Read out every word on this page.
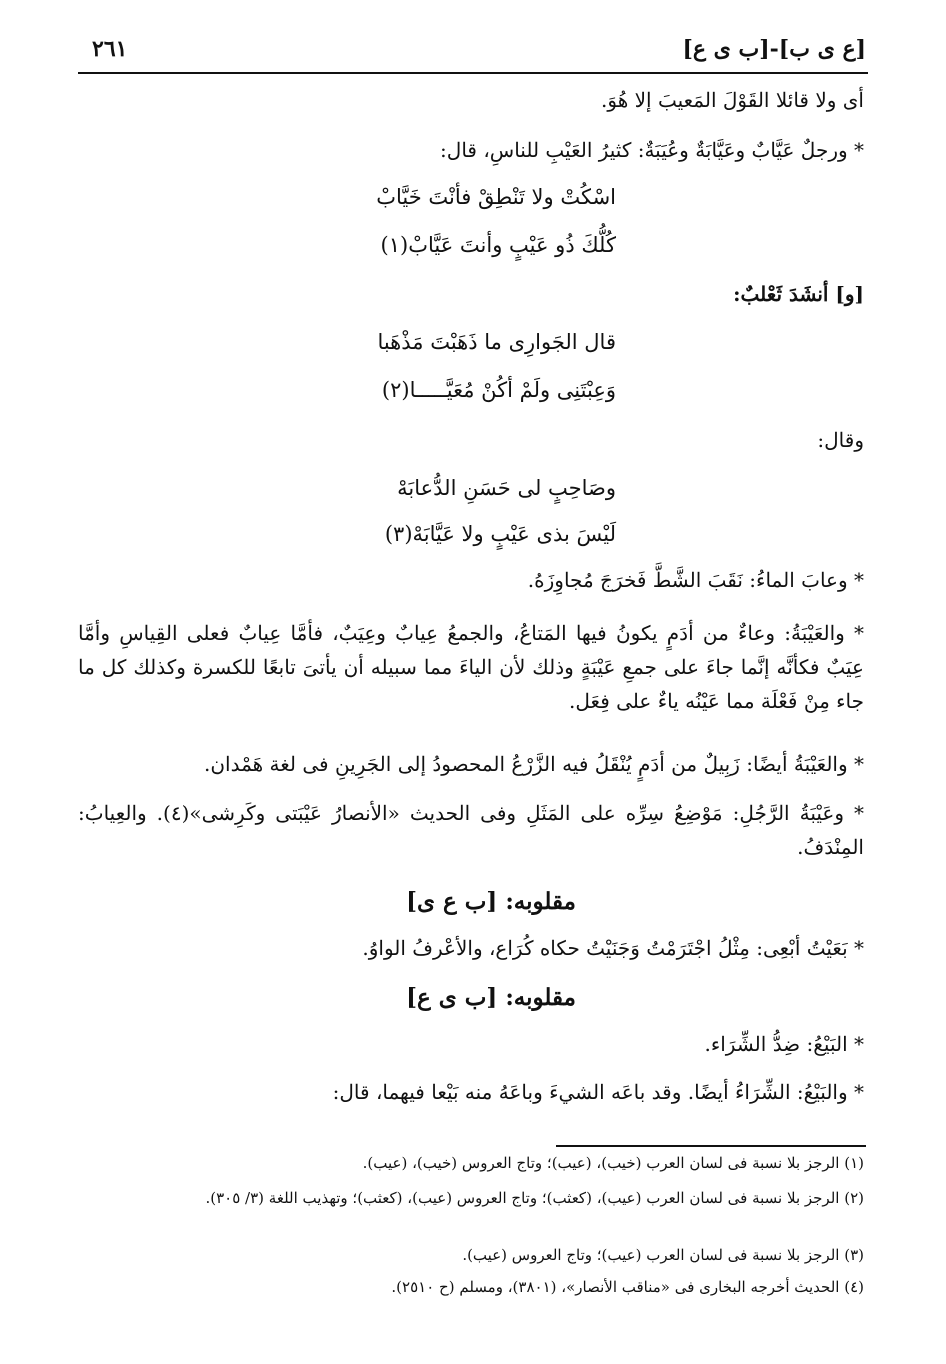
[ع ى ب]-[ب ى ع]
٢٦١
أى ولا قائلا القَوْلَ المَعيبَ إلا هُوَ.
* ورجلٌ عَيَّابٌ وعَيَّابَةٌ وعُيَبَةٌ: كثيرُ العَيْبِ للناسِ، قال:
اسْكُتْ ولا تَنْطِقْ فأنْتَ خَيَّابْ
كُلُّكَ ذُو عَيْبٍ وأنتَ عَيَّابْ(١)
[و] أنشَدَ ثَعْلبٌ:
قال الجَوارِى ما ذَهَبْتَ مَذْهَبا
وَعِبْتَنِى ولَمْ أكُنْ مُعَيَّـــــا(٢)
وقال:
وصَاحِبٍ لى حَسَنِ الدُّعابَهْ
لَيْسَ بذى عَيْبٍ ولا عَيَّابَهْ(٣)
* وعابَ الماءُ: نَقَبَ الشَّطَّ فَخرَجَ مُجاوِزَهُ.
* والعَيْبَةُ: وعاءٌ من أدَمٍ يكونُ فيها المَتاعُ، والجمعُ عِيابٌ وعِيَبٌ، فأمَّا عِيابٌ فعلى القِياسِ وأمَّا عِيَبٌ فكأنَّه إنَّما جاءَ على جمعِ عَيْبَةٍ وذلك لأن الياءَ مما سبيله أن يأتىَ تابعًا للكسرة وكذلك كل ما جاء مِنْ فَعْلَة مما عَيْنُه ياءٌ على فِعَل.
* والعَيْبَةُ أيضًا: زَبِيلٌ من أدَمٍ يُنْقَلُ فيه الزَّرْعُ المحصودُ إلى الجَرِينِ فى لغة هَمْدان.
* وعَيْبَةُ الرَّجُلِ: مَوْضِعُ سِرِّه على المَثَلِ وفى الحديث «الأنصارُ عَيْبَتى وكَرِشى»(٤). والعِيابُ: المِنْدَفُ.
مقلوبه: [ب ع ى]
* بَعَيْتُ أبْعِى: مِثْلُ اجْتَرَمْتُ وَجَنَيْتُ حكاه كُرَاع، والأعْرفُ الواوُ.
مقلوبه: [ب ى ع]
* البَيْعُ: ضِدُّ الشِّرَاء.
* والبَيْعُ: الشِّرَاءُ أيضًا. وقد باعَه الشيءَ وباعَهُ منه بَيْعا فيهما، قال:
(١) الرجز بلا نسبة فى لسان العرب (خيب)، (عيب)؛ وتاج العروس (خيب)، (عيب).
(٢) الرجز بلا نسبة فى لسان العرب (عيب)، (كعثب)؛ وتاج العروس (عيب)، (كعثب)؛ وتهذيب اللغة (٣/ ٣٠٥).
(٣) الرجز بلا نسبة فى لسان العرب (عيب)؛ وتاج العروس (عيب).
(٤) الحديث أخرجه البخارى فى «مناقب الأنصار»، (٣٨٠١)، ومسلم (ح ٢٥١٠).
